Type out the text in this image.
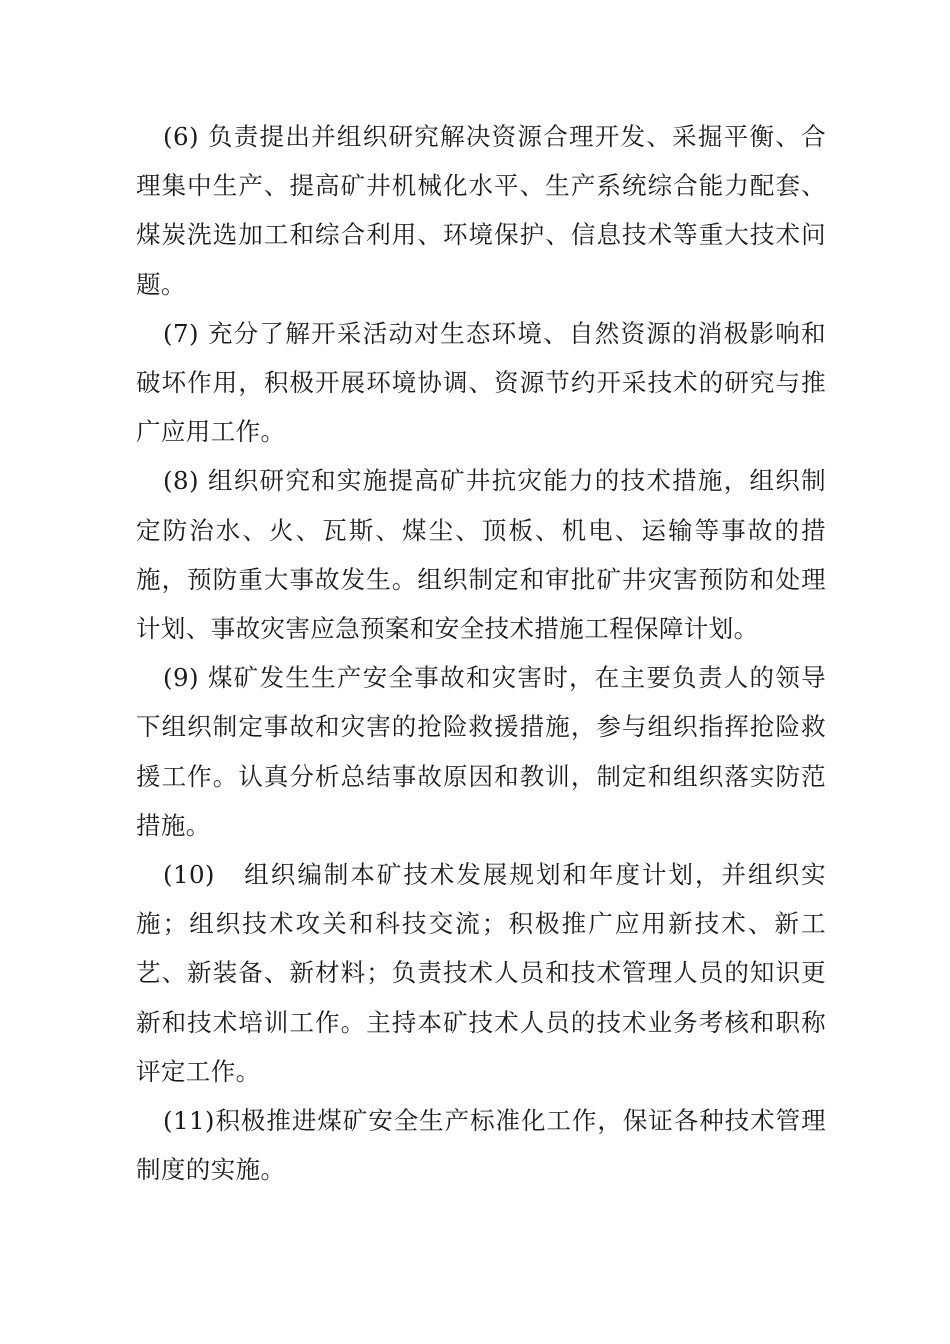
(6) 负责提出并组织研究解决资源合理开发、采掘平衡、合理集中生产、提高矿井机械化水平、生产系统综合能力配套、煤炭洗选加工和综合利用、环境保护、信息技术等重大技术问题。

(7) 充分了解开采活动对生态环境、自然资源的消极影响和破坏作用，积极开展环境协调、资源节约开采技术的研究与推广应用工作。

(8) 组织研究和实施提高矿井抗灾能力的技术措施，组织制定防治水、火、瓦斯、煤尘、顶板、机电、运输等事故的措施，预防重大事故发生。组织制定和审批矿井灾害预防和处理计划、事故灾害应急预案和安全技术措施工程保障计划。

(9) 煤矿发生生产安全事故和灾害时，在主要负责人的领导下组织制定事故和灾害的抢险救援措施，参与组织指挥抢险救援工作。认真分析总结事故原因和教训，制定和组织落实防范措施。

(10)   组织编制本矿技术发展规划和年度计划，并组织实施；组织技术攻关和科技交流；积极推广应用新技术、新工艺、新装备、新材料；负责技术人员和技术管理人员的知识更新和技术培训工作。主持本矿技术人员的技术业务考核和职称评定工作。

(11)积极推进煤矿安全生产标准化工作，保证各种技术管理制度的实施。
